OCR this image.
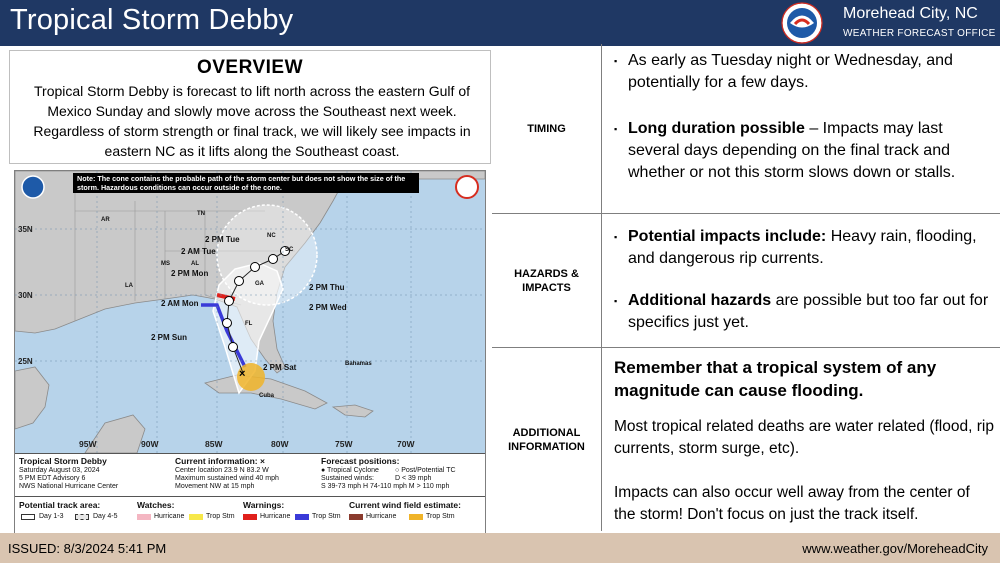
Tropical Storm Debby	Morehead City, NC
WEATHER FORECAST OFFICE
OVERVIEW
Tropical Storm Debby is forecast to lift north across the eastern Gulf of Mexico Sunday and slowly move across the Southeast next week. Regardless of storm strength or final track, we will likely see impacts in eastern NC as it lifts along the Southeast coast.
×
Note: The cone contains the probable path of the storm center but does not show the size of the storm. Hazardous conditions can occur outside of the cone.
35N
30N
25N
95W	90W	85W	80W	75W	70W
AR
TN
NC
SC
MS	AL
GA
FL
LA
Cuba
Bahamas
2 PM Tue
2 AM Tue
2 PM Mon
2 AM Mon
2 PM Sun
2 PM Sat
2 PM Thu
2 PM Wed
Tropical Storm Debby
Saturday August 03, 2024
5 PM EDT Advisory 6
NWS National Hurricane Center
Current information: ×
Center location 23.9 N 83.2 W
Maximum sustained wind 40 mph
Movement NW at 15 mph
Forecast positions:
● Tropical Cyclone ○ Post/Potential TC
Sustained winds:	D < 39 mph
S 39-73 mph H 74-110 mph M > 110 mph
Potential track area:
Day 1-3	Day 4-5
Watches:
Hurricane	Trop Stm
Warnings:
Hurricane	Trop Stm
Current wind field estimate:
Hurricane	Trop Stm
TIMING
▪ As early as Tuesday night or Wednesday, and potentially for a few days.
▪ Long duration possible – Impacts may last several days depending on the final track and whether or not this storm slows down or stalls.
HAZARDS & IMPACTS
▪ Potential impacts include: Heavy rain, flooding, and dangerous rip currents.
▪ Additional hazards are possible but too far out for specifics just yet.
ADDITIONAL INFORMATION
Remember that a tropical system of any magnitude can cause flooding.
Most tropical related deaths are water related (flood, rip currents, storm surge, etc).
Impacts can also occur well away from the center of the storm! Don't focus on just the track itself.
ISSUED: 8/3/2024 5:41 PM	www.weather.gov/MoreheadCity
